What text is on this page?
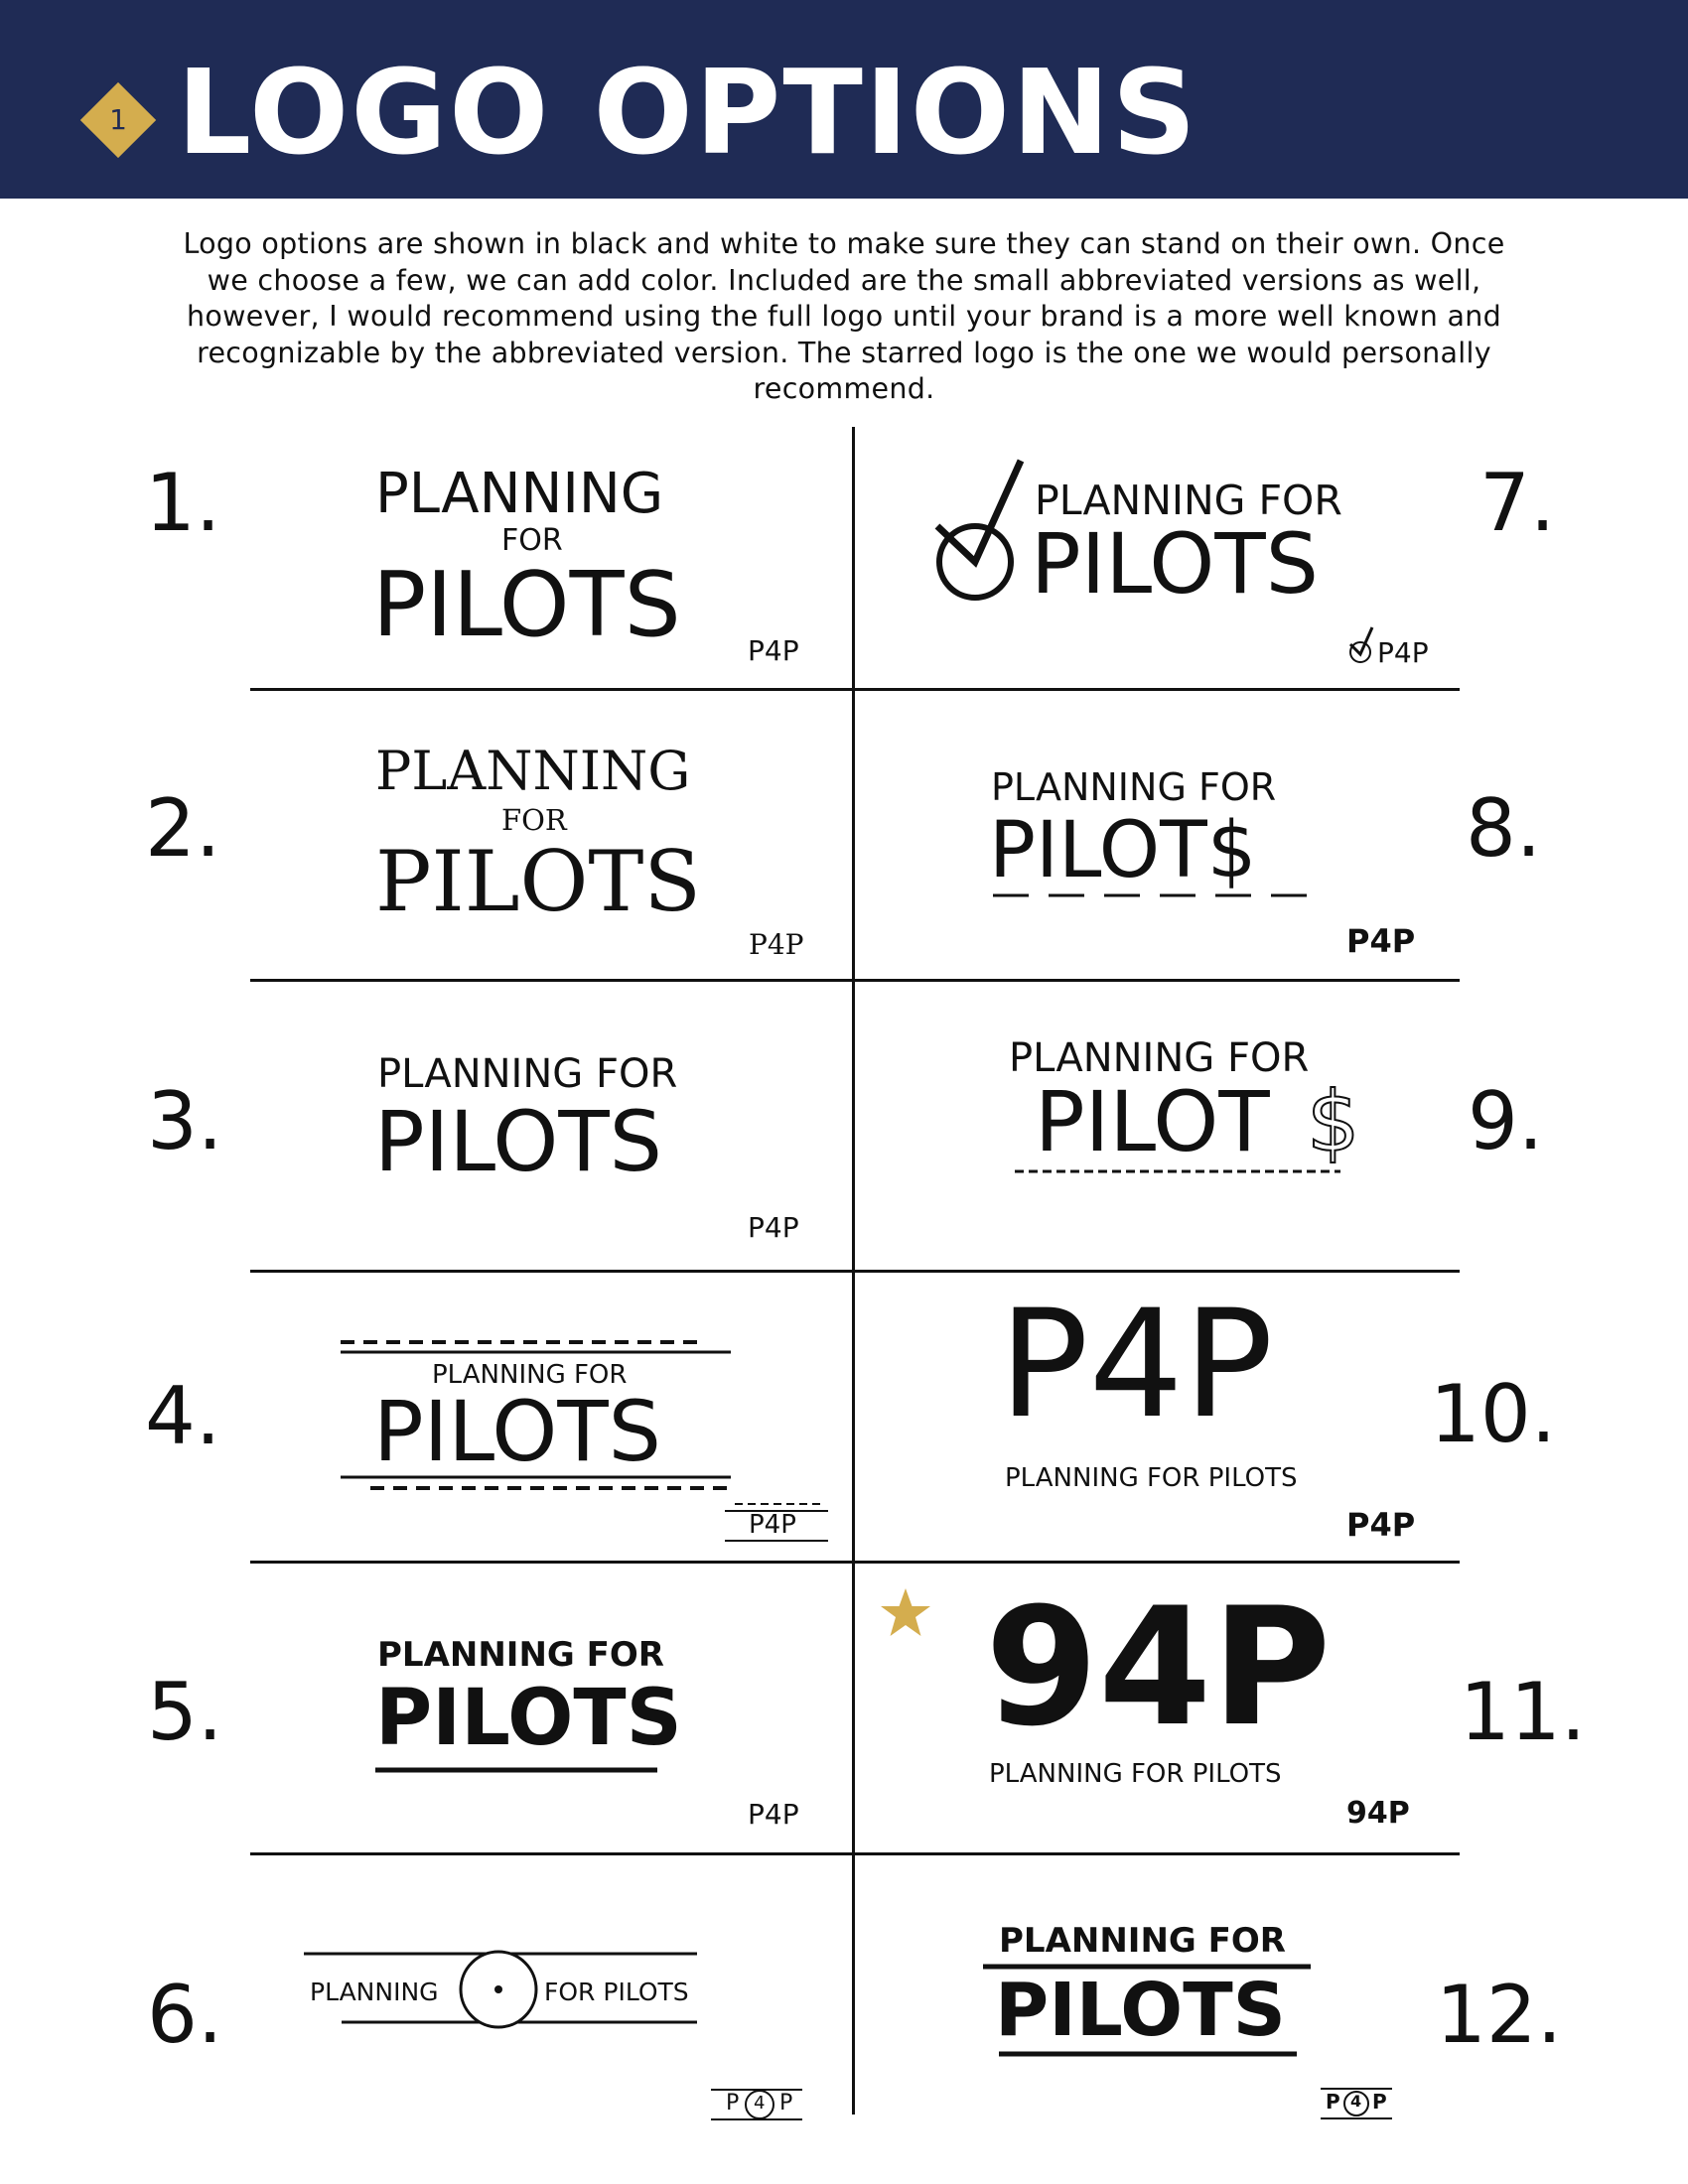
1 LOGO OPTIONS
Logo options are shown in black and white to make sure they can stand on their own. Once we choose a few, we can add color. Included are the small abbreviated versions as well, however, I would recommend using the full logo until your brand is a more well known and recognizable by the abbreviated version. The starred logo is the one we would personally recommend.
1.	PLANNING
FOR
PILOTS P4P
2.
PLANNING
FOR
PILOTS
P4P
3.
PLANNING FOR
PILOTS
P4P
4.	PLANNING FOR
PILOTS
P4P
5.
PLANNING FOR
PILOTS
P4P
6.	PLANNING	FOR PILOTS
P 4 P
7.
PLANNING FOR
PILOTS
P4P
8.
PLANNING FOR
PILOT$
P4P
9.
PLANNING FOR
PILOT $
10.
P4P
PLANNING FOR PILOTS
P4P
11.
94P
PLANNING FOR PILOTS
94P
12.
PLANNING FOR
PILOTS
P 4 P
